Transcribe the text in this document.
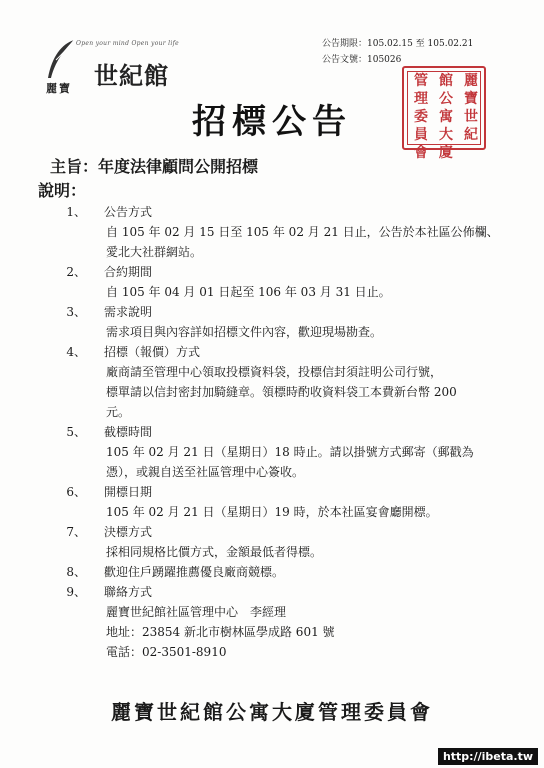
Open your mind Open your life
麗寶 世紀館
公告期限：105.02.15 至 105.02.21
公告文號：105026
麗寶世紀
館公寓大廈
管理委員會
招標公告
主旨：年度法律顧問公開招標
說明：
1、 公告方式
自 105 年 02 月 15 日至 105 年 02 月 21 日止，公告於本社區公佈欄、
愛北大社群網站。
2、 合約期間
自 105 年 04 月 01 日起至 106 年 03 月 31 日止。
3、 需求說明
需求項目與內容詳如招標文件內容，歡迎現場勘查。
4、 招標（報價）方式
廠商請至管理中心領取投標資料袋，投標信封須註明公司行號，
標單請以信封密封加騎縫章。領標時酌收資料袋工本費新台幣 200
元。
5、 截標時間
105 年 02 月 21 日（星期日）18 時止。請以掛號方式郵寄（郵戳為
憑），或親自送至社區管理中心簽收。
6、 開標日期
105 年 02 月 21 日（星期日）19 時，於本社區宴會廳開標。
7、 決標方式
採相同規格比價方式，金額最低者得標。
8、 歡迎住戶踴躍推薦優良廠商競標。
9、 聯絡方式
麗寶世紀館社區管理中心　李經理
地址：23854 新北市樹林區學成路 601 號
電話：02-3501-8910
麗寶世紀館公寓大廈管理委員會
http://ibeta.tw
